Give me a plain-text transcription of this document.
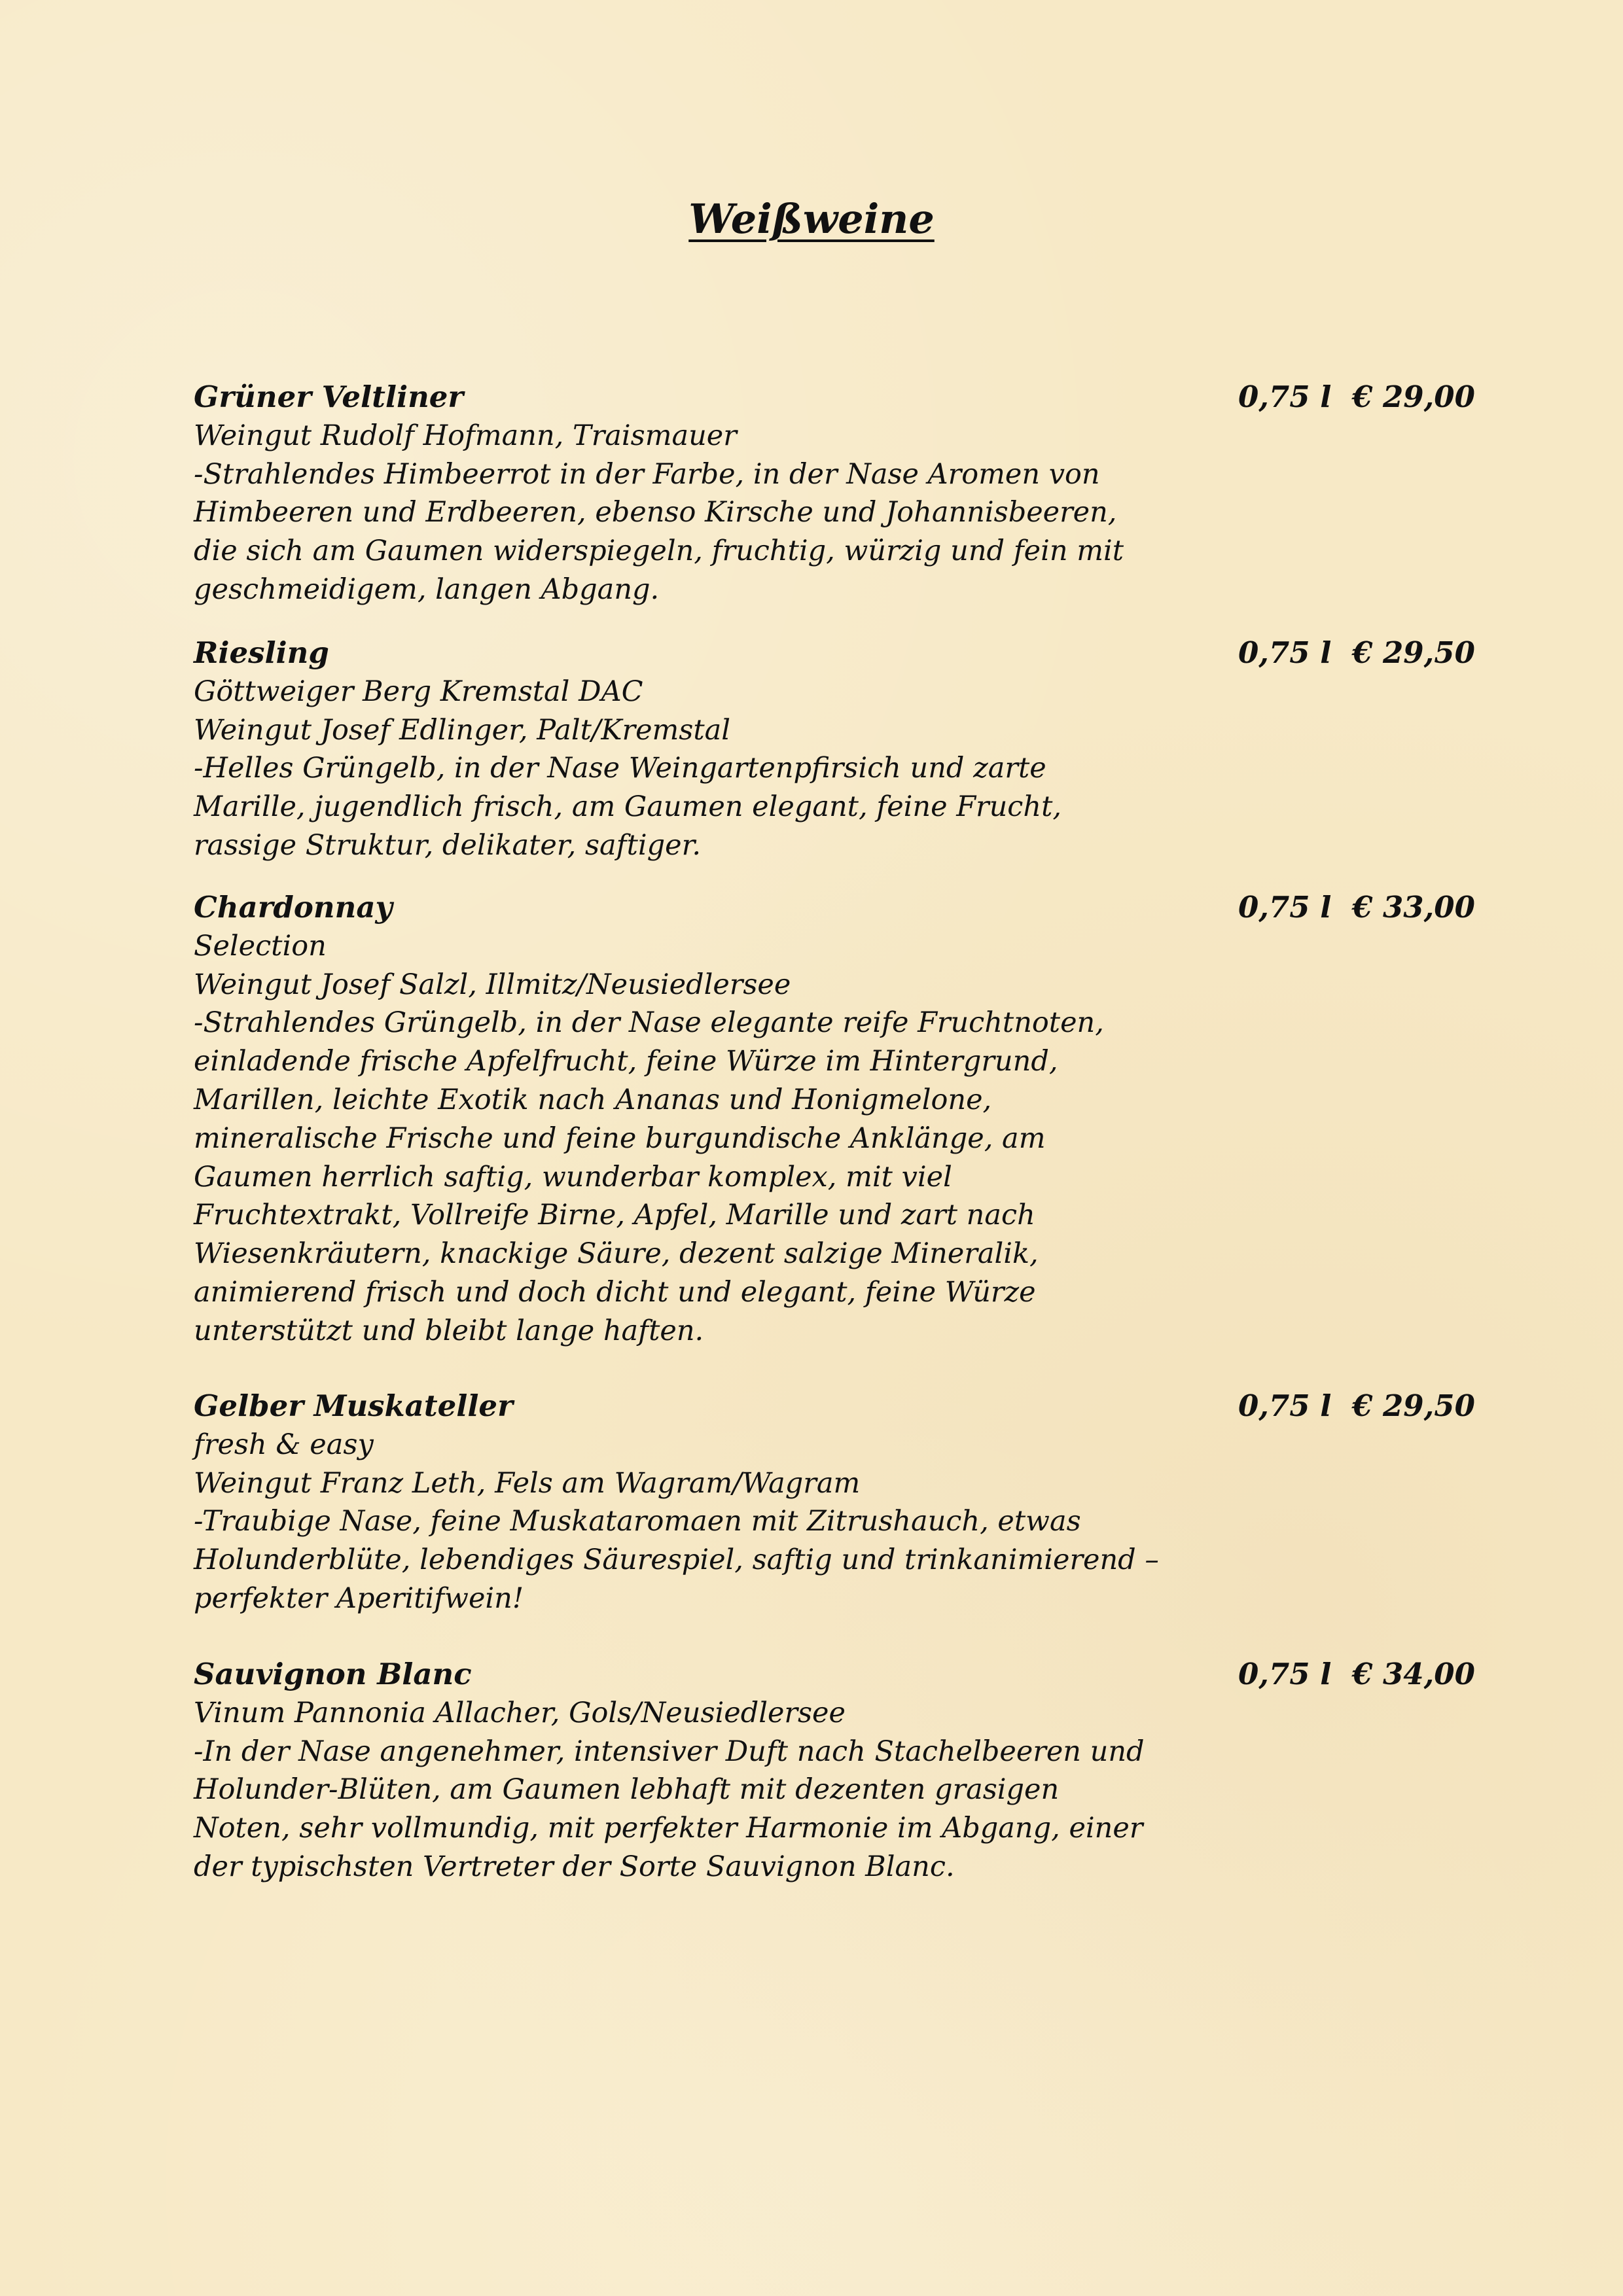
Weißweine
Grüner Veltliner
Weingut Rudolf Hofmann, Traismauer
-Strahlendes Himbeerrot in der Farbe, in der Nase Aromen von
Himbeeren und Erdbeeren, ebenso Kirsche und Johannisbeeren,
die sich am Gaumen widerspiegeln, fruchtig, würzig und fein mit
geschmeidigem, langen Abgang.
0,75 l € 29,00
Riesling
Göttweiger Berg Kremstal DAC
Weingut Josef Edlinger, Palt/Kremstal
-Helles Grüngelb, in der Nase Weingartenpfirsich und zarte
Marille, jugendlich frisch, am Gaumen elegant, feine Frucht,
rassige Struktur, delikater, saftiger.
0,75 l € 29,50
Chardonnay
Selection
Weingut Josef Salzl, Illmitz/Neusiedlersee
-Strahlendes Grüngelb, in der Nase elegante reife Fruchtnoten,
einladende frische Apfelfrucht, feine Würze im Hintergrund,
Marillen, leichte Exotik nach Ananas und Honigmelone,
mineralische Frische und feine burgundische Anklänge, am
Gaumen herrlich saftig, wunderbar komplex, mit viel
Fruchtextrakt, Vollreife Birne, Apfel, Marille und zart nach
Wiesenkräutern, knackige Säure, dezent salzige Mineralik,
animierend frisch und doch dicht und elegant, feine Würze
unterstützt und bleibt lange haften.
0,75 l € 33,00
Gelber Muskateller
fresh & easy
Weingut Franz Leth, Fels am Wagram/Wagram
-Traubige Nase, feine Muskataromaen mit Zitrushauch, etwas
Holunderblüte, lebendiges Säurespiel, saftig und trinkanimierend –
perfekter Aperitifwein!
0,75 l € 29,50
Sauvignon Blanc
Vinum Pannonia Allacher, Gols/Neusiedlersee
-In der Nase angenehmer, intensiver Duft nach Stachelbeeren und
Holunder-Blüten, am Gaumen lebhaft mit dezenten grasigen
Noten, sehr vollmundig, mit perfekter Harmonie im Abgang, einer
der typischsten Vertreter der Sorte Sauvignon Blanc.
0,75 l € 34,00
